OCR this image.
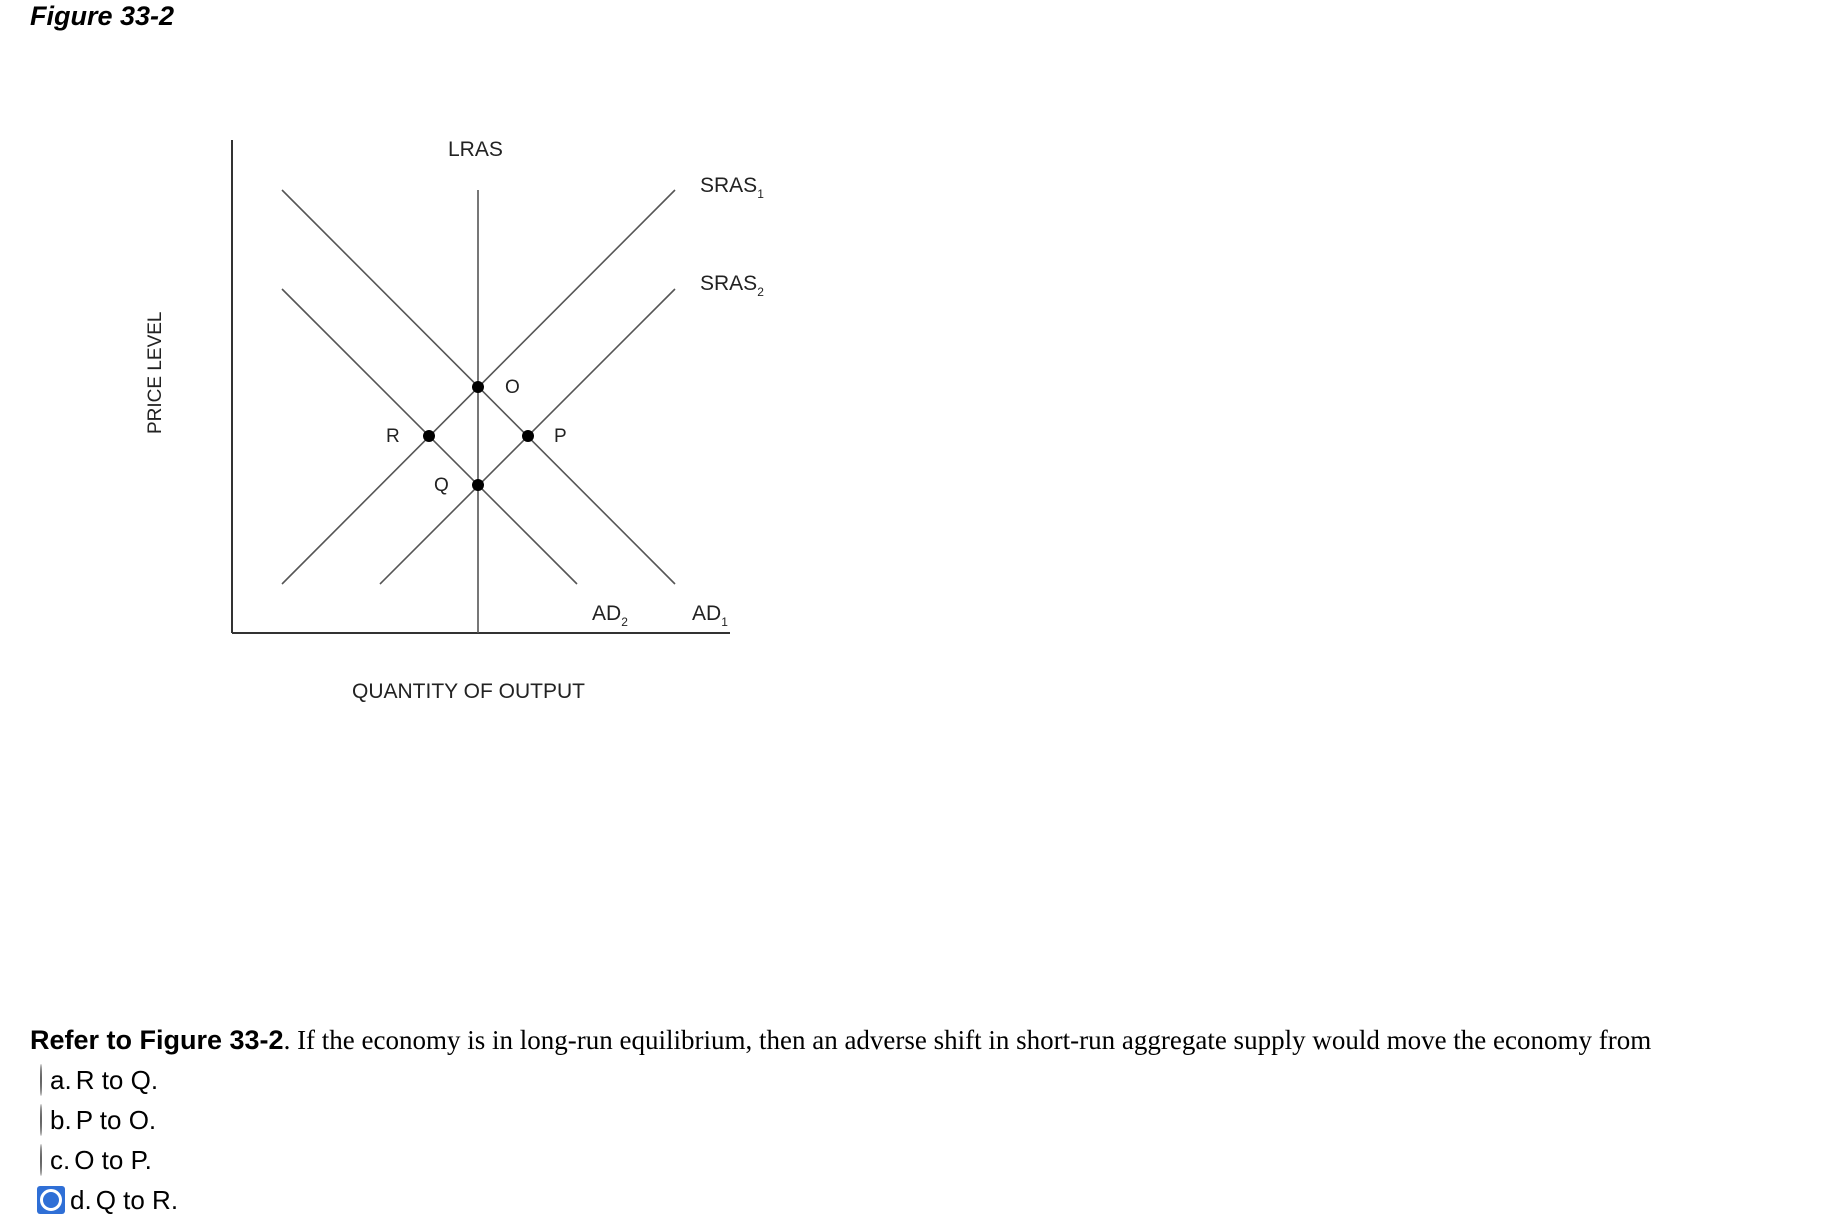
Figure 33-2
O
R	P
Q
LRAS
$SRAS_1$
$SRAS_2$
$AD_2$	$AD_1$
QUANTITY OF OUTPUT
PRICE LEVEL
Refer to Figure 33-2. If the economy is in long-run equilibrium, then an adverse shift in short-run aggregate supply would move the economy from
a. R to Q.
b. P to O.
c. O to P.
d. Q to R.
